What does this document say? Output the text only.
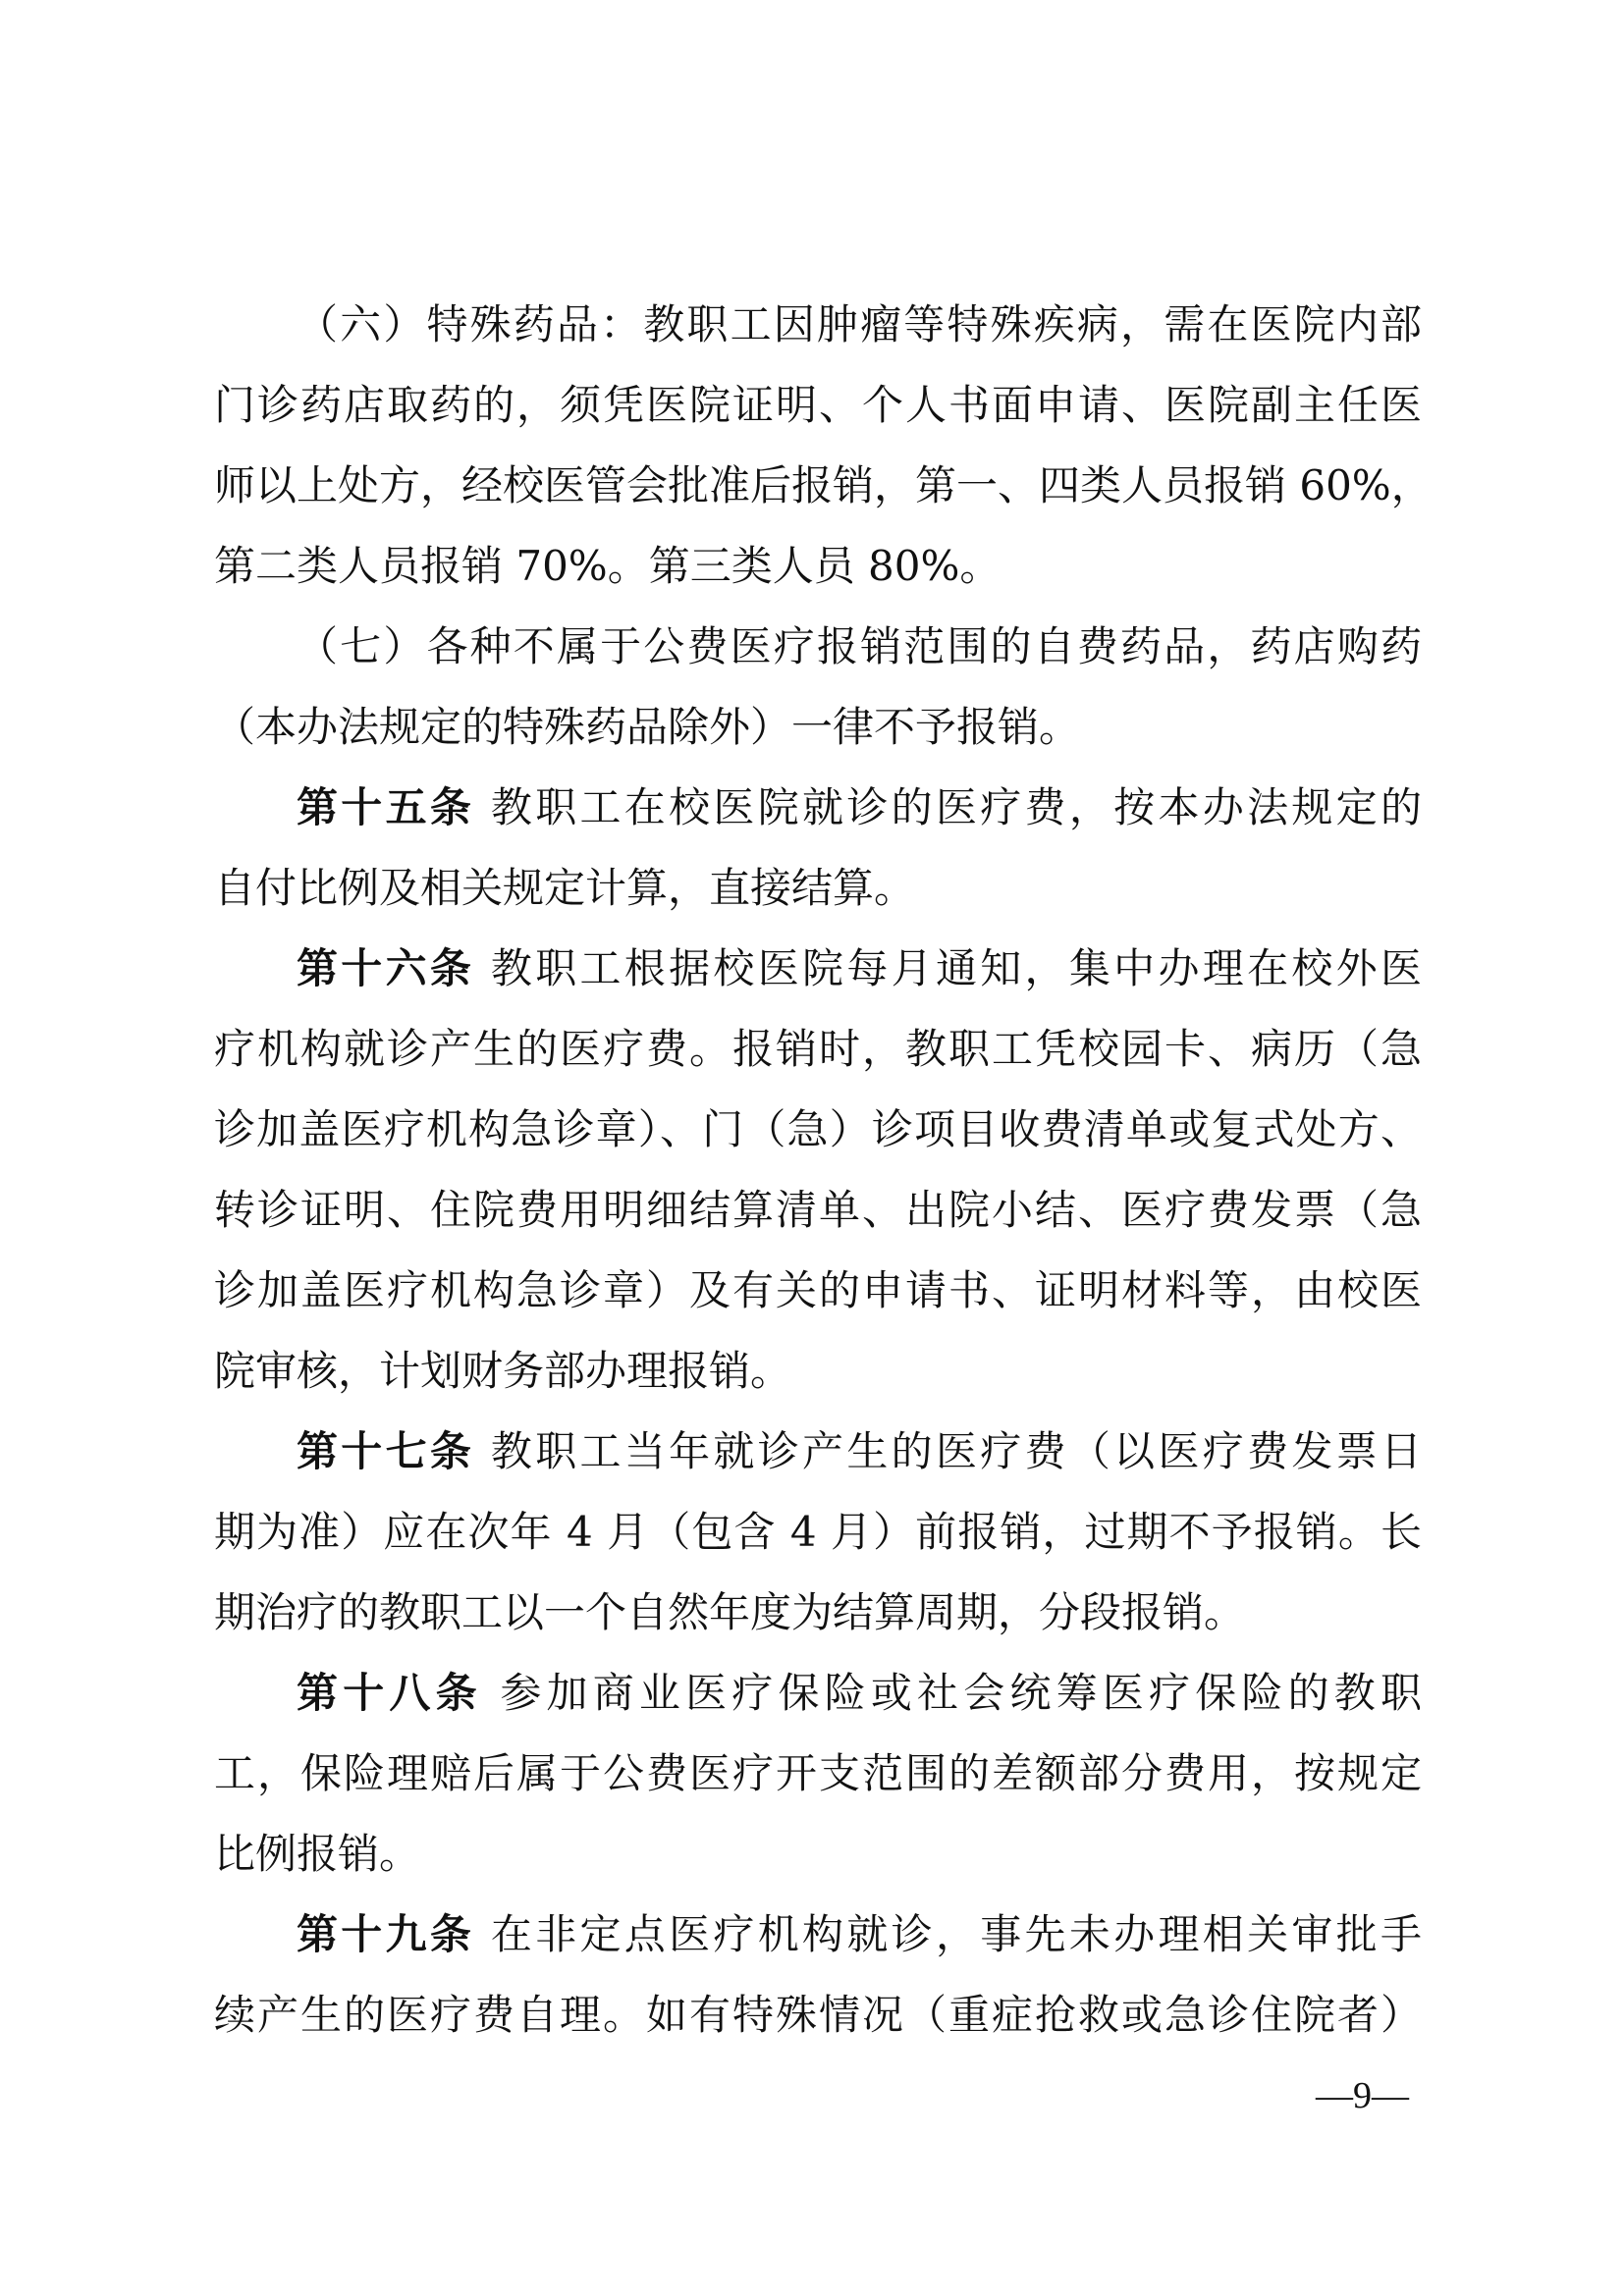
（六）特殊药品：教职工因肿瘤等特殊疾病，需在医院内部
门诊药店取药的，须凭医院证明、个人书面申请、医院副主任医
师以上处方，经校医管会批准后报销，第一、四类人员报销 60%，
第二类人员报销 70%。第三类人员 80%。
（七）各种不属于公费医疗报销范围的自费药品，药店购药
（本办法规定的特殊药品除外）一律不予报销。
第十五条 教职工在校医院就诊的医疗费，按本办法规定的
自付比例及相关规定计算，直接结算。
第十六条 教职工根据校医院每月通知，集中办理在校外医
疗机构就诊产生的医疗费。报销时，教职工凭校园卡、病历（急
诊加盖医疗机构急诊章）、门（急）诊项目收费清单或复式处方、
转诊证明、住院费用明细结算清单、出院小结、医疗费发票（急
诊加盖医疗机构急诊章）及有关的申请书、证明材料等，由校医
院审核，计划财务部办理报销。
第十七条 教职工当年就诊产生的医疗费（以医疗费发票日
期为准）应在次年 4 月（包含 4 月）前报销，过期不予报销。长
期治疗的教职工以一个自然年度为结算周期，分段报销。
第十八条 参加商业医疗保险或社会统筹医疗保险的教职
工，保险理赔后属于公费医疗开支范围的差额部分费用，按规定
比例报销。
第十九条 在非定点医疗机构就诊，事先未办理相关审批手
续产生的医疗费自理。如有特殊情况（重症抢救或急诊住院者）
—9—
